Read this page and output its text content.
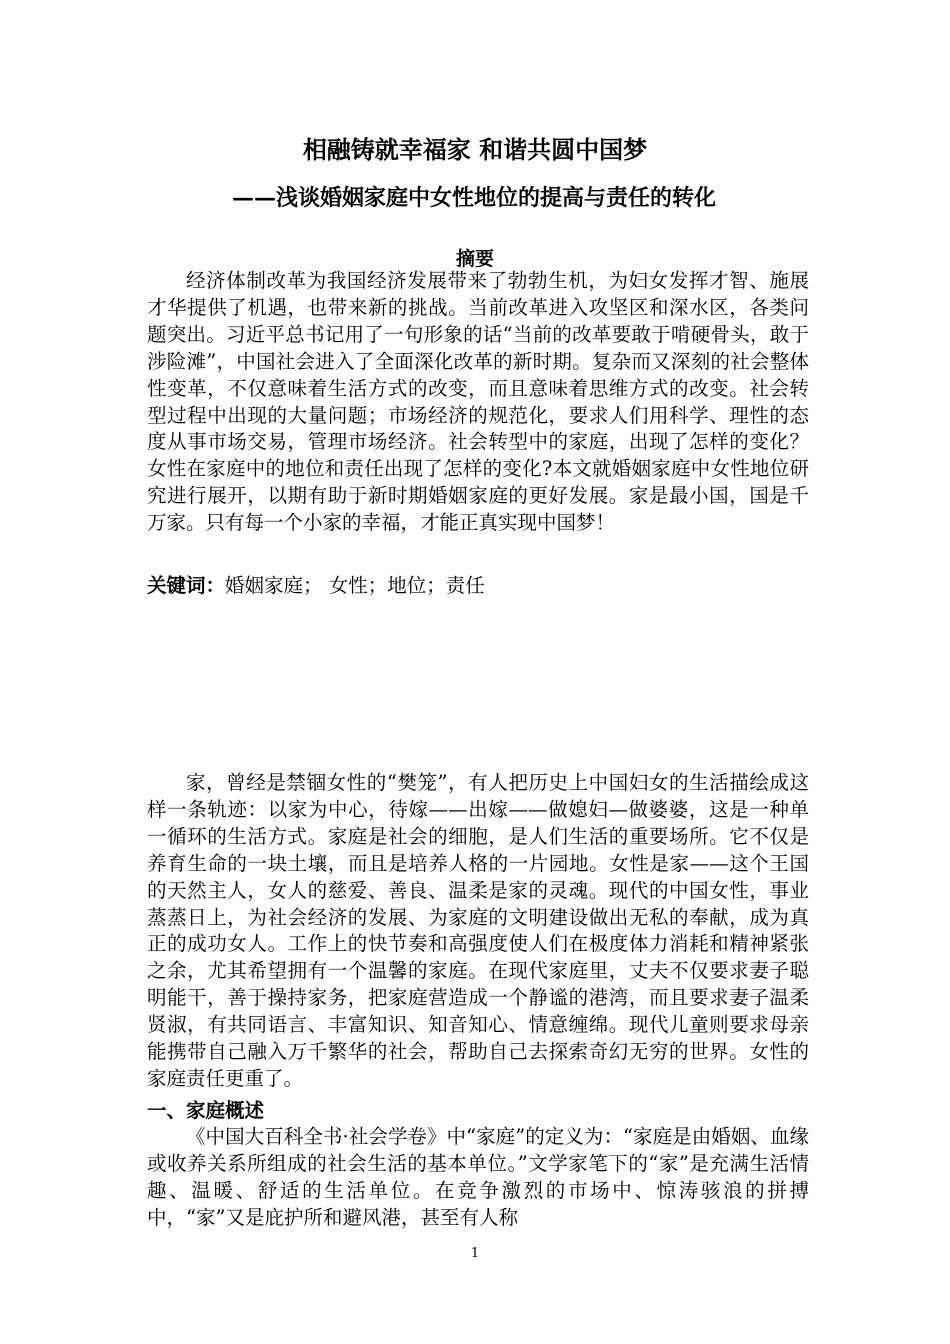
相融铸就幸福家 和谐共圆中国梦
——浅谈婚姻家庭中女性地位的提高与责任的转化
摘要

经济体制改革为我国经济发展带来了勃勃生机，为妇女发挥才智、施展才华提供了机遇，也带来新的挑战。当前改革进入攻坚区和深水区，各类问题突出。习近平总书记用了一句形象的话“当前的改革要敢于啃硬骨头，敢于涉险滩”，中国社会进入了全面深化改革的新时期。复杂而又深刻的社会整体性变革，不仅意味着生活方式的改变，而且意味着思维方式的改变。社会转型过程中出现的大量问题；市场经济的规范化，要求人们用科学、理性的态度从事市场交易，管理市场经济。社会转型中的家庭，出现了怎样的变化？女性在家庭中的地位和责任出现了怎样的变化?本文就婚姻家庭中女性地位研究进行展开，以期有助于新时期婚姻家庭的更好发展。家是最小国，国是千万家。只有每一个小家的幸福，才能正真实现中国梦！

关键词：婚姻家庭； 女性；地位；责任

家，曾经是禁锢女性的“樊笼”，有人把历史上中国妇女的生活描绘成这样一条轨迹：以家为中心，待嫁——出嫁——做媳妇—做婆婆，这是一种单一循环的生活方式。家庭是社会的细胞，是人们生活的重要场所。它不仅是养育生命的一块土壤，而且是培养人格的一片园地。女性是家——这个王国的天然主人，女人的慈爱、善良、温柔是家的灵魂。现代的中国女性，事业蒸蒸日上，为社会经济的发展、为家庭的文明建设做出无私的奉献，成为真正的成功女人。工作上的快节奏和高强度使人们在极度体力消耗和精神紧张之余，尤其希望拥有一个温馨的家庭。在现代家庭里，丈夫不仅要求妻子聪明能干，善于操持家务，把家庭营造成一个静谧的港湾，而且要求妻子温柔贤淑，有共同语言、丰富知识、知音知心、情意缠绵。现代儿童则要求母亲能携带自己融入万千繁华的社会，帮助自己去探索奇幻无穷的世界。女性的家庭责任更重了。

一、家庭概述

《中国大百科全书·社会学卷》中“家庭”的定义为：“家庭是由婚姻、血缘或收养关系所组成的社会生活的基本单位。”文学家笔下的“家”是充满生活情趣、温暖、舒适的生活单位。在竞争激烈的市场中、惊涛骇浪的拼搏中，“家”又是庇护所和避风港，甚至有人称

1
